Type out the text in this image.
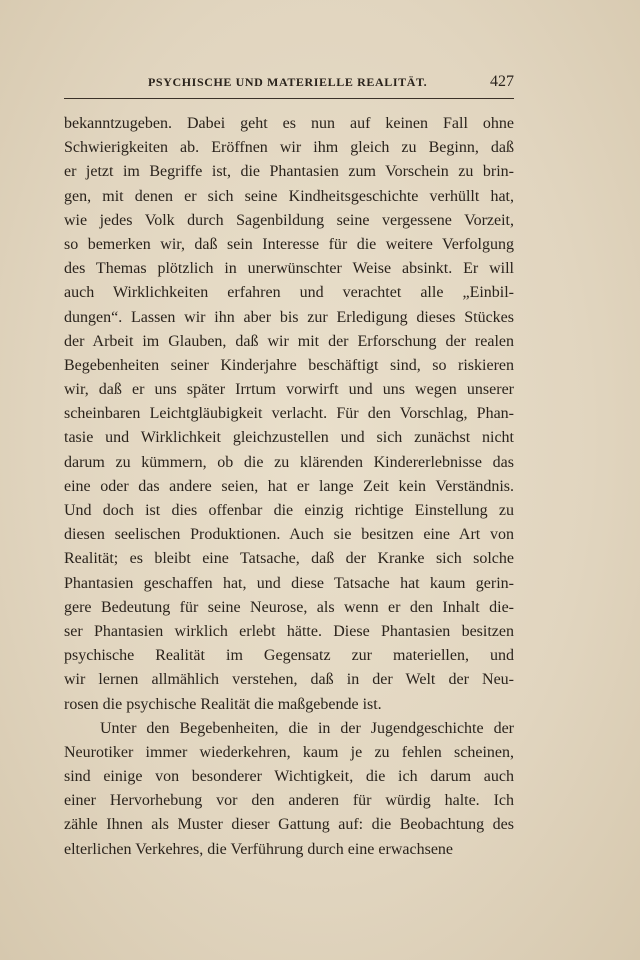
PSYCHISCHE UND MATERIELLE REALITÄT.	427
bekanntzugeben. Dabei geht es nun auf keinen Fall ohne
Schwierigkeiten ab. Eröffnen wir ihm gleich zu Beginn, daß
er jetzt im Begriffe ist, die Phantasien zum Vorschein zu brin-
gen, mit denen er sich seine Kindheitsgeschichte verhüllt hat,
wie jedes Volk durch Sagenbildung seine vergessene Vorzeit,
so bemerken wir, daß sein Interesse für die weitere Verfolgung
des Themas plötzlich in unerwünschter Weise absinkt. Er will
auch Wirklichkeiten erfahren und verachtet alle „Einbil-
dungen“. Lassen wir ihn aber bis zur Erledigung dieses Stückes
der Arbeit im Glauben, daß wir mit der Erforschung der realen
Begebenheiten seiner Kinderjahre beschäftigt sind, so riskieren
wir, daß er uns später Irrtum vorwirft und uns wegen unserer
scheinbaren Leichtgläubigkeit verlacht. Für den Vorschlag, Phan-
tasie und Wirklichkeit gleichzustellen und sich zunächst nicht
darum zu kümmern, ob die zu klärenden Kindererlebnisse das
eine oder das andere seien, hat er lange Zeit kein Verständnis.
Und doch ist dies offenbar die einzig richtige Einstellung zu
diesen seelischen Produktionen. Auch sie besitzen eine Art von
Realität; es bleibt eine Tatsache, daß der Kranke sich solche
Phantasien geschaffen hat, und diese Tatsache hat kaum gerin-
gere Bedeutung für seine Neurose, als wenn er den Inhalt die-
ser Phantasien wirklich erlebt hätte. Diese Phantasien besitzen
psychische Realität im Gegensatz zur materiellen, und
wir lernen allmählich verstehen, daß in der Welt der Neu-
rosen die psychische Realität die maßgebende ist.
Unter den Begebenheiten, die in der Jugendgeschichte der
Neurotiker immer wiederkehren, kaum je zu fehlen scheinen,
sind einige von besonderer Wichtigkeit, die ich darum auch
einer Hervorhebung vor den anderen für würdig halte. Ich
zähle Ihnen als Muster dieser Gattung auf: die Beobachtung des
elterlichen Verkehres, die Verführung durch eine erwachsene
